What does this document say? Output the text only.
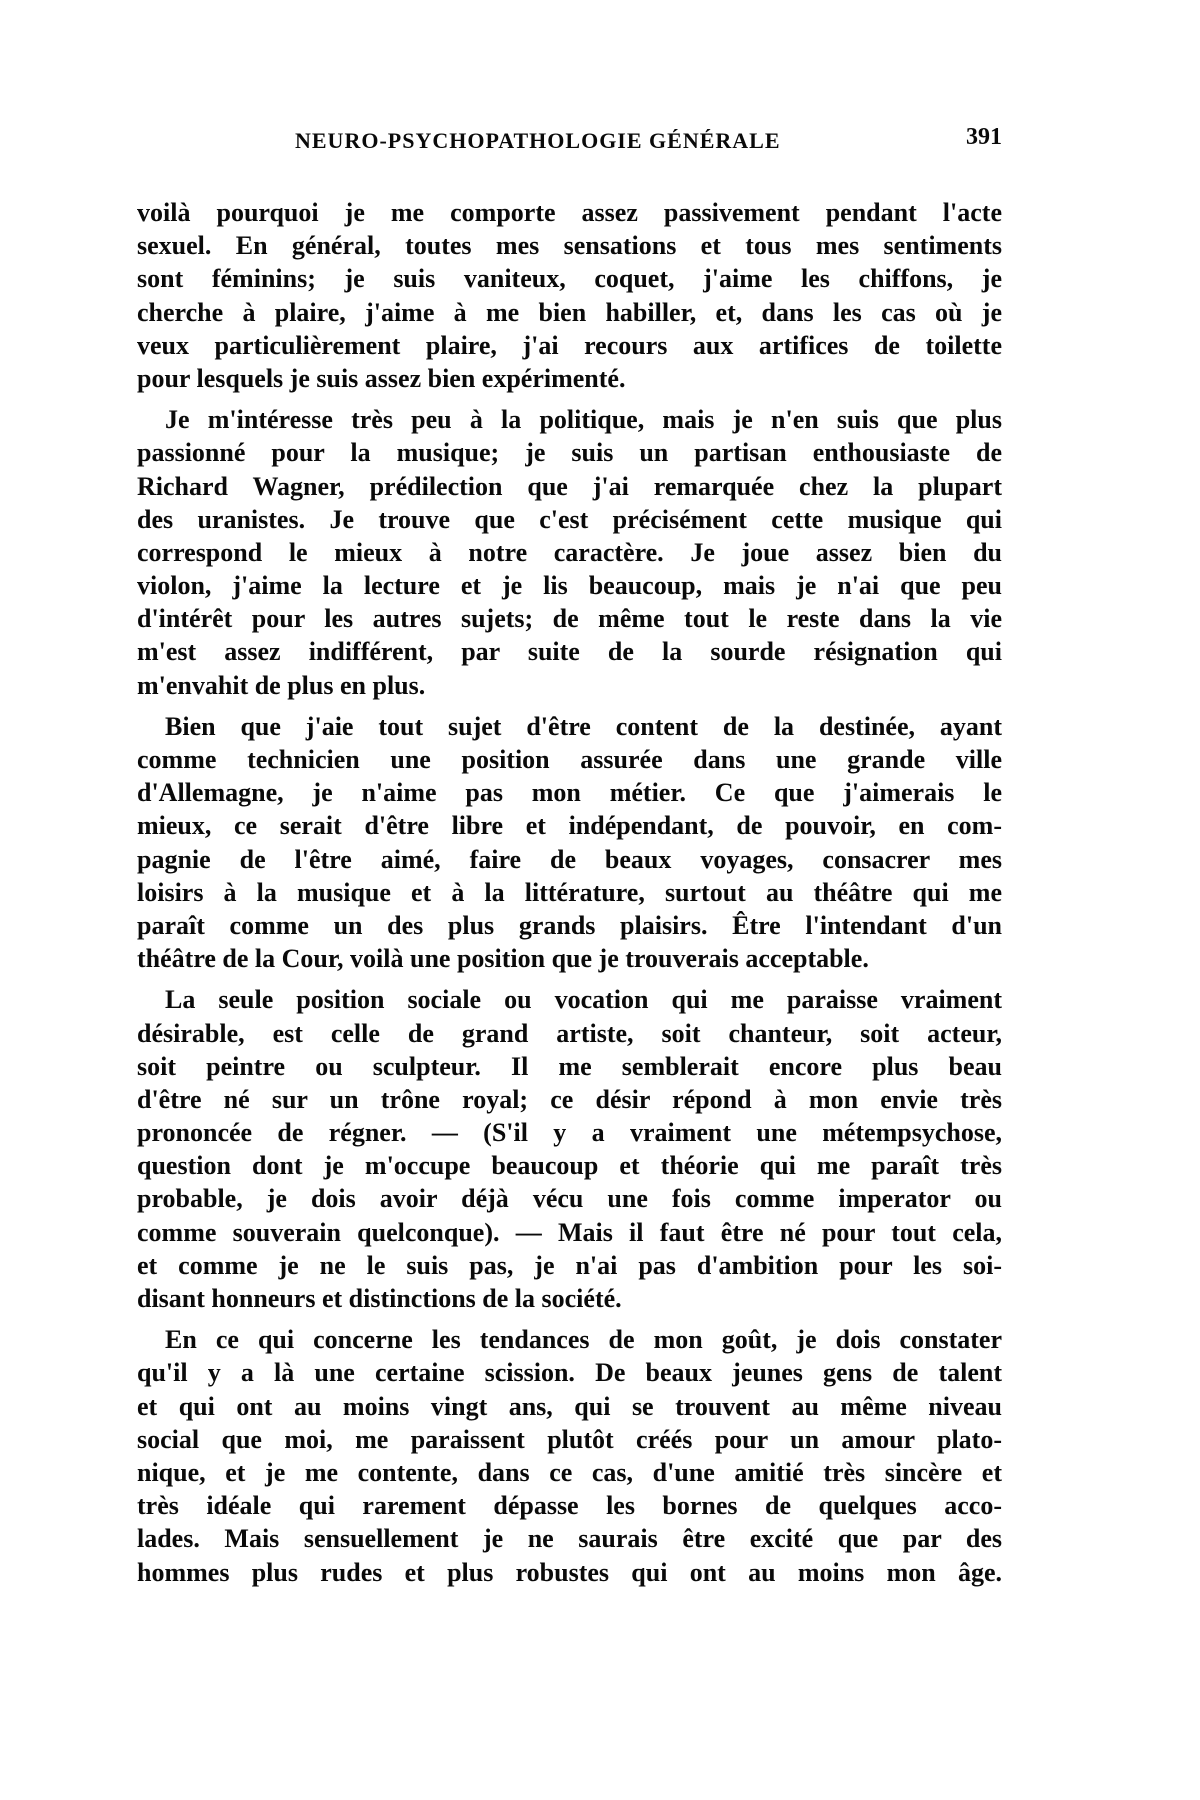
NEURO-PSYCHOPATHOLOGIE GÉNÉRALE	391
voilà pourquoi je me comporte assez passivement pendant l'acte
sexuel. En général, toutes mes sensations et tous mes sentiments
sont féminins; je suis vaniteux, coquet, j'aime les chiffons, je
cherche à plaire, j'aime à me bien habiller, et, dans les cas où je
veux particulièrement plaire, j'ai recours aux artifices de toilette
pour lesquels je suis assez bien expérimenté.
Je m'intéresse très peu à la politique, mais je n'en suis que plus
passionné pour la musique; je suis un partisan enthousiaste de
Richard Wagner, prédilection que j'ai remarquée chez la plupart
des uranistes. Je trouve que c'est précisément cette musique qui
correspond le mieux à notre caractère. Je joue assez bien du
violon, j'aime la lecture et je lis beaucoup, mais je n'ai que peu
d'intérêt pour les autres sujets; de même tout le reste dans la vie
m'est assez indifférent, par suite de la sourde résignation qui
m'envahit de plus en plus.
Bien que j'aie tout sujet d'être content de la destinée, ayant
comme technicien une position assurée dans une grande ville
d'Allemagne, je n'aime pas mon métier. Ce que j'aimerais le
mieux, ce serait d'être libre et indépendant, de pouvoir, en com-
pagnie de l'être aimé, faire de beaux voyages, consacrer mes
loisirs à la musique et à la littérature, surtout au théâtre qui me
paraît comme un des plus grands plaisirs. Être l'intendant d'un
théâtre de la Cour, voilà une position que je trouverais acceptable.
La seule position sociale ou vocation qui me paraisse vraiment
désirable, est celle de grand artiste, soit chanteur, soit acteur,
soit peintre ou sculpteur. Il me semblerait encore plus beau
d'être né sur un trône royal; ce désir répond à mon envie très
prononcée de régner. — (S'il y a vraiment une métempsychose,
question dont je m'occupe beaucoup et théorie qui me paraît très
probable, je dois avoir déjà vécu une fois comme imperator ou
comme souverain quelconque). — Mais il faut être né pour tout cela,
et comme je ne le suis pas, je n'ai pas d'ambition pour les soi-
disant honneurs et distinctions de la société.
En ce qui concerne les tendances de mon goût, je dois constater
qu'il y a là une certaine scission. De beaux jeunes gens de talent
et qui ont au moins vingt ans, qui se trouvent au même niveau
social que moi, me paraissent plutôt créés pour un amour plato-
nique, et je me contente, dans ce cas, d'une amitié très sincère et
très idéale qui rarement dépasse les bornes de quelques acco-
lades. Mais sensuellement je ne saurais être excité que par des
hommes plus rudes et plus robustes qui ont au moins mon âge.
